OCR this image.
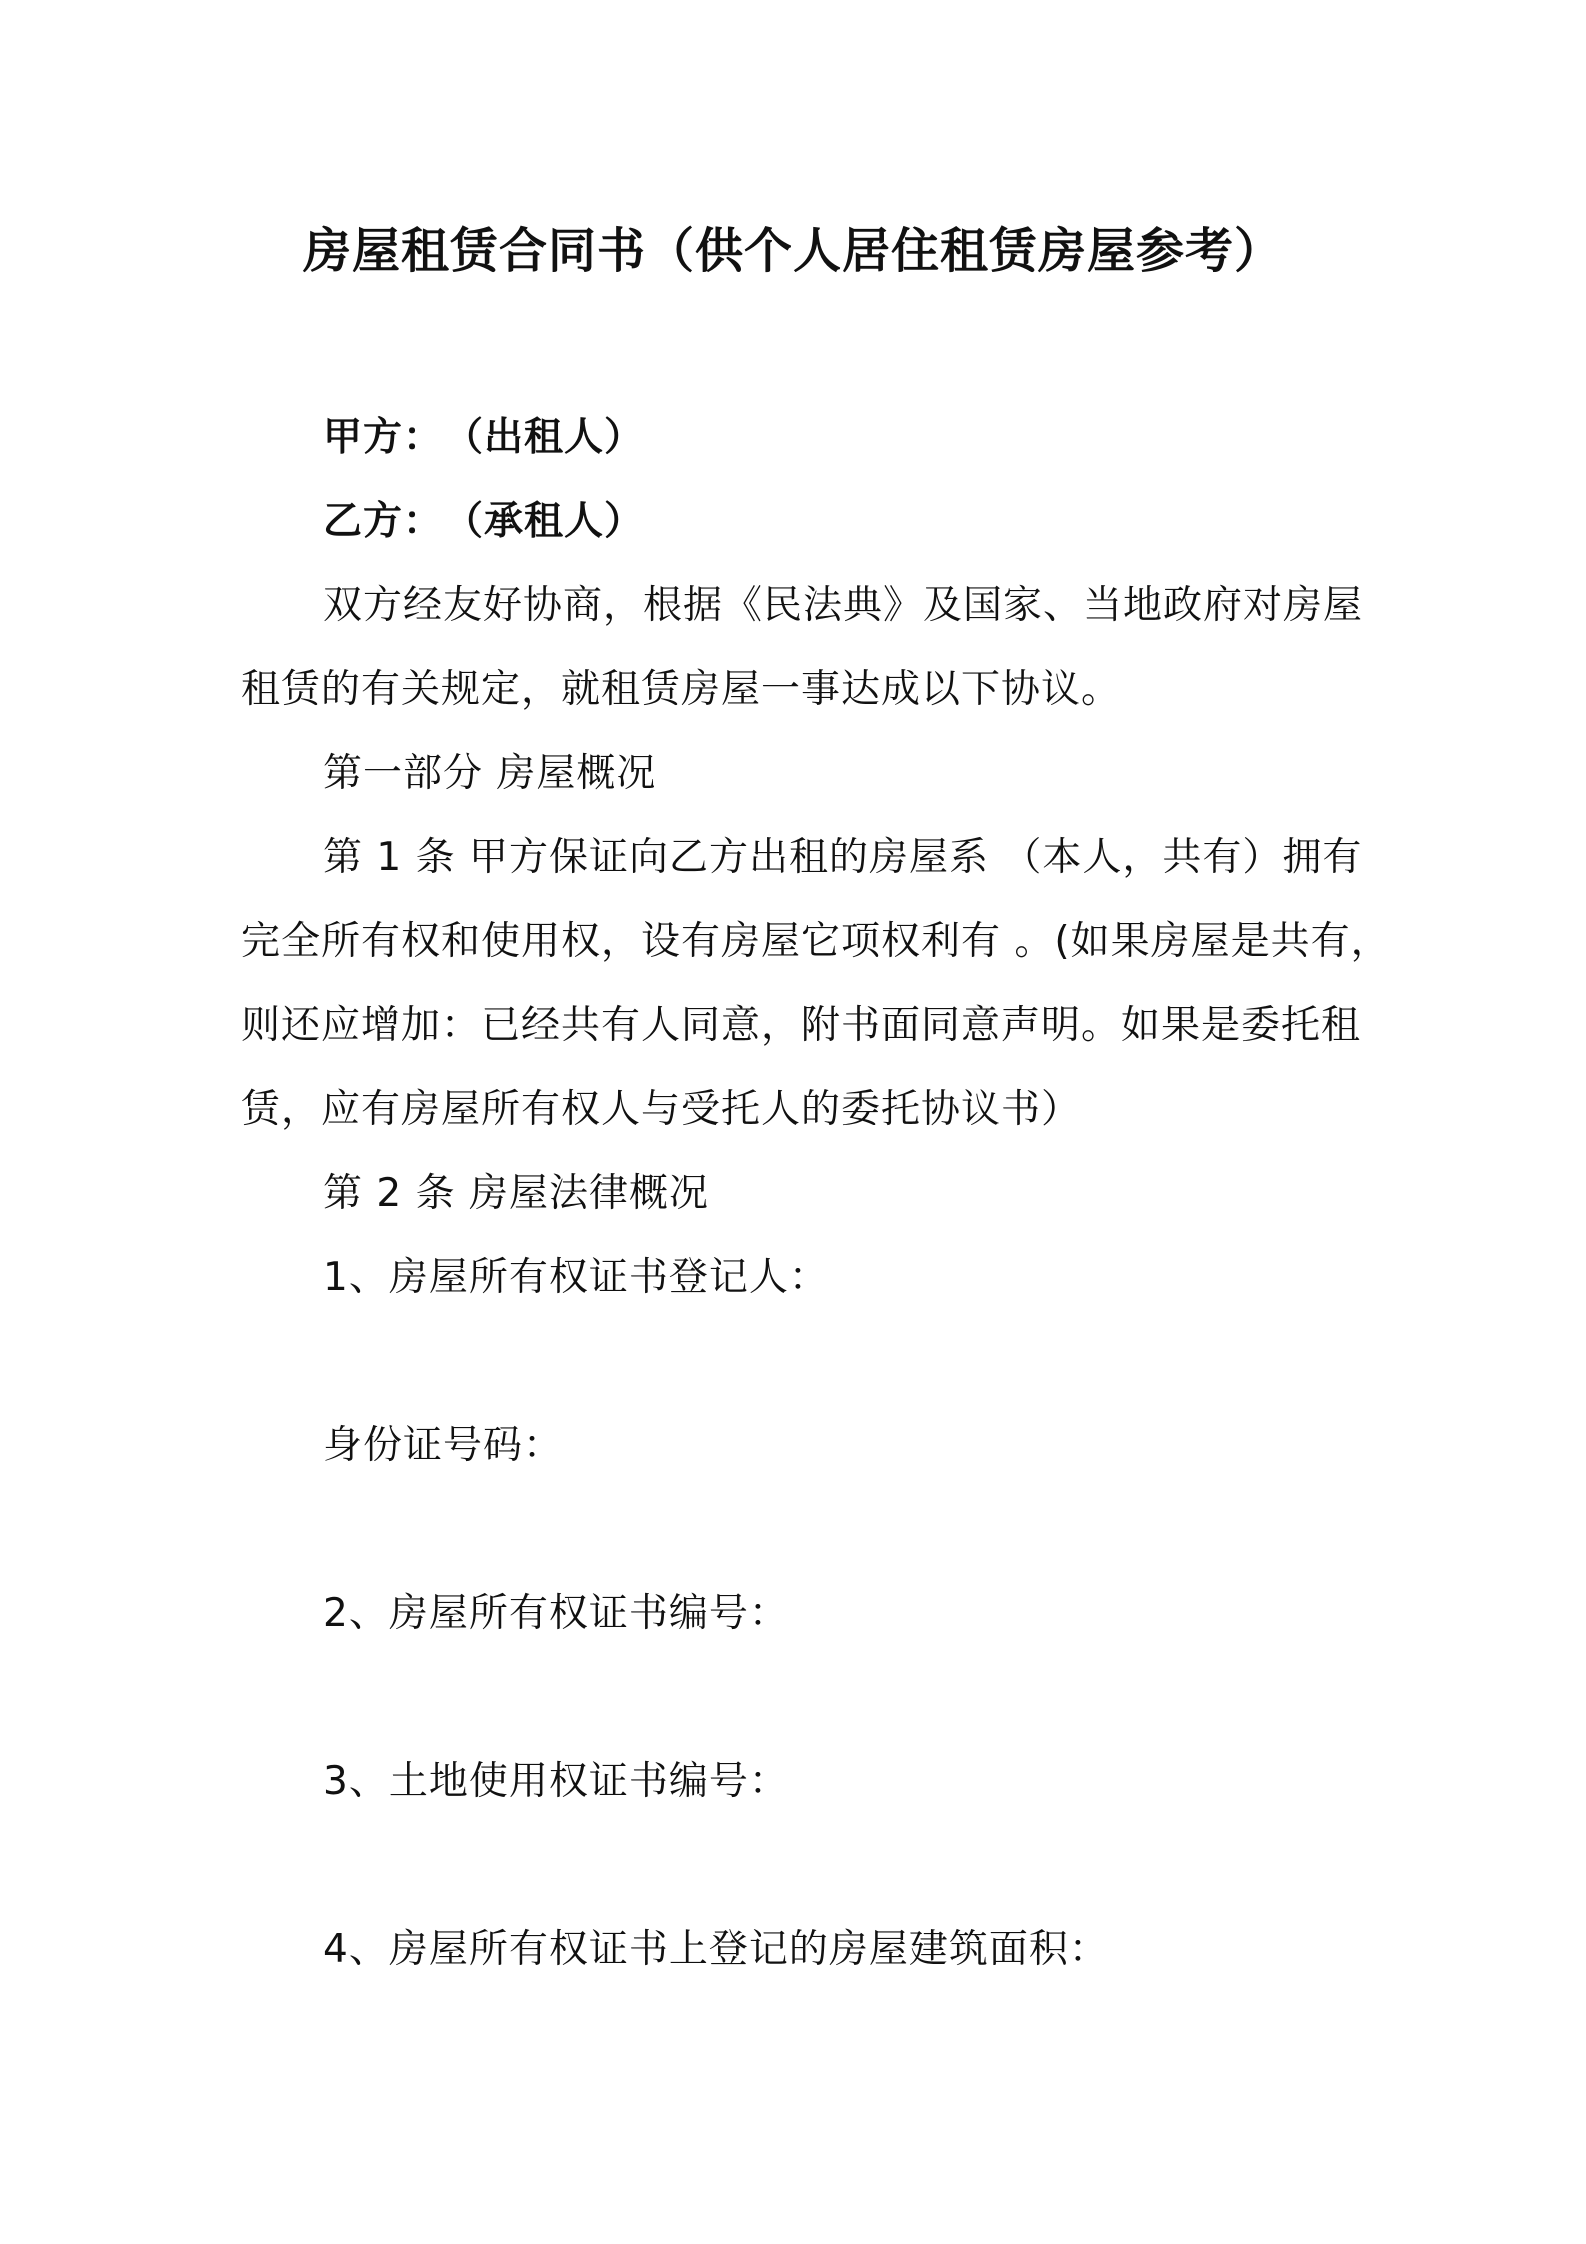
房屋租赁合同书（供个人居住租赁房屋参考）
甲方：　（出租人）
乙方：　（承租人）
双方经友好协商，根据《民法典》及国家、当地政府对房屋
租赁的有关规定，就租赁房屋一事达成以下协议。
第一部分 房屋概况
第 1 条 甲方保证向乙方出租的房屋系 （本人，共有）拥有
完全所有权和使用权，设有房屋它项权利有 。(如果房屋是共有，
则还应增加：已经共有人同意，附书面同意声明。如果是委托租
赁，应有房屋所有权人与受托人的委托协议书）
第 2 条 房屋法律概况
1、房屋所有权证书登记人：
身份证号码：
2、房屋所有权证书编号：
3、土地使用权证书编号：
4、房屋所有权证书上登记的房屋建筑面积：
